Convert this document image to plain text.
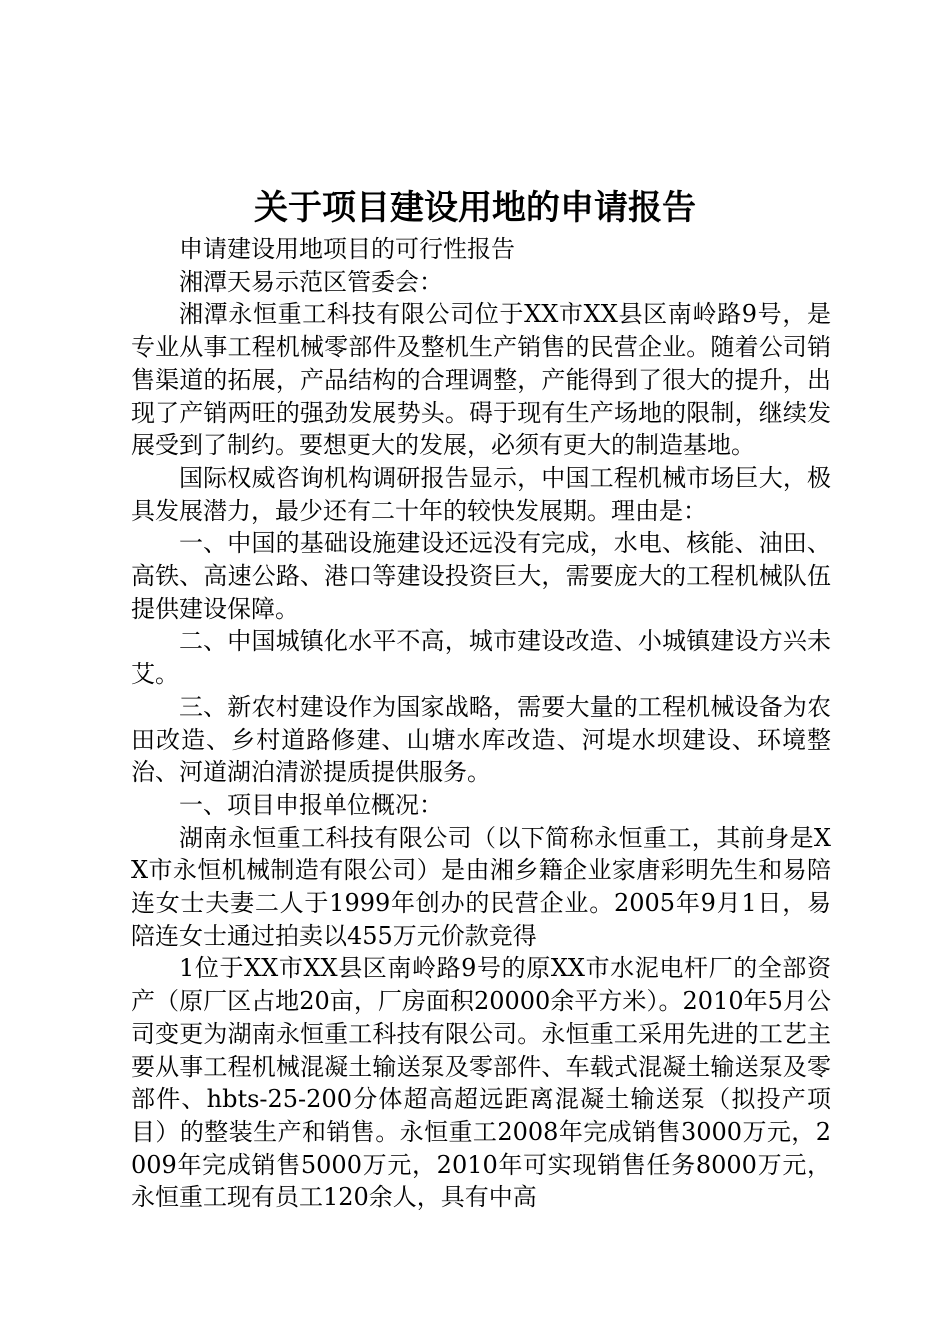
关于项目建设用地的申请报告

申请建设用地项目的可行性报告

湘潭天易示范区管委会：

湘潭永恒重工科技有限公司位于XX市XX县区南岭路9号，是专业从事工程机械零部件及整机生产销售的民营企业。随着公司销售渠道的拓展，产品结构的合理调整，产能得到了很大的提升，出现了产销两旺的强劲发展势头。碍于现有生产场地的限制，继续发展受到了制约。要想更大的发展，必须有更大的制造基地。

国际权威咨询机构调研报告显示，中国工程机械市场巨大，极具发展潜力，最少还有二十年的较快发展期。理由是：

一、中国的基础设施建设还远没有完成，水电、核能、油田、高铁、高速公路、港口等建设投资巨大，需要庞大的工程机械队伍提供建设保障。

二、中国城镇化水平不高，城市建设改造、小城镇建设方兴未艾。

三、新农村建设作为国家战略，需要大量的工程机械设备为农田改造、乡村道路修建、山塘水库改造、河堤水坝建设、环境整治、河道湖泊清淤提质提供服务。

一、项目申报单位概况：

湖南永恒重工科技有限公司（以下简称永恒重工，其前身是XX市永恒机械制造有限公司）是由湘乡籍企业家唐彩明先生和易陪连女士夫妻二人于1999年创办的民营企业。2005年9月1日，易陪连女士通过拍卖以455万元价款竞得

1位于XX市XX县区南岭路9号的原XX市水泥电杆厂的全部资产（原厂区占地20亩，厂房面积20000余平方米）。2010年5月公司变更为湖南永恒重工科技有限公司。永恒重工采用先进的工艺主要从事工程机械混凝土输送泵及零部件、车载式混凝土输送泵及零部件、hbts-25-200分体超高超远距离混凝土输送泵（拟投产项目）的整装生产和销售。永恒重工2008年完成销售3000万元，2009年完成销售5000万元，2010年可实现销售任务8000万元，永恒重工现有员工120余人，具有中高
